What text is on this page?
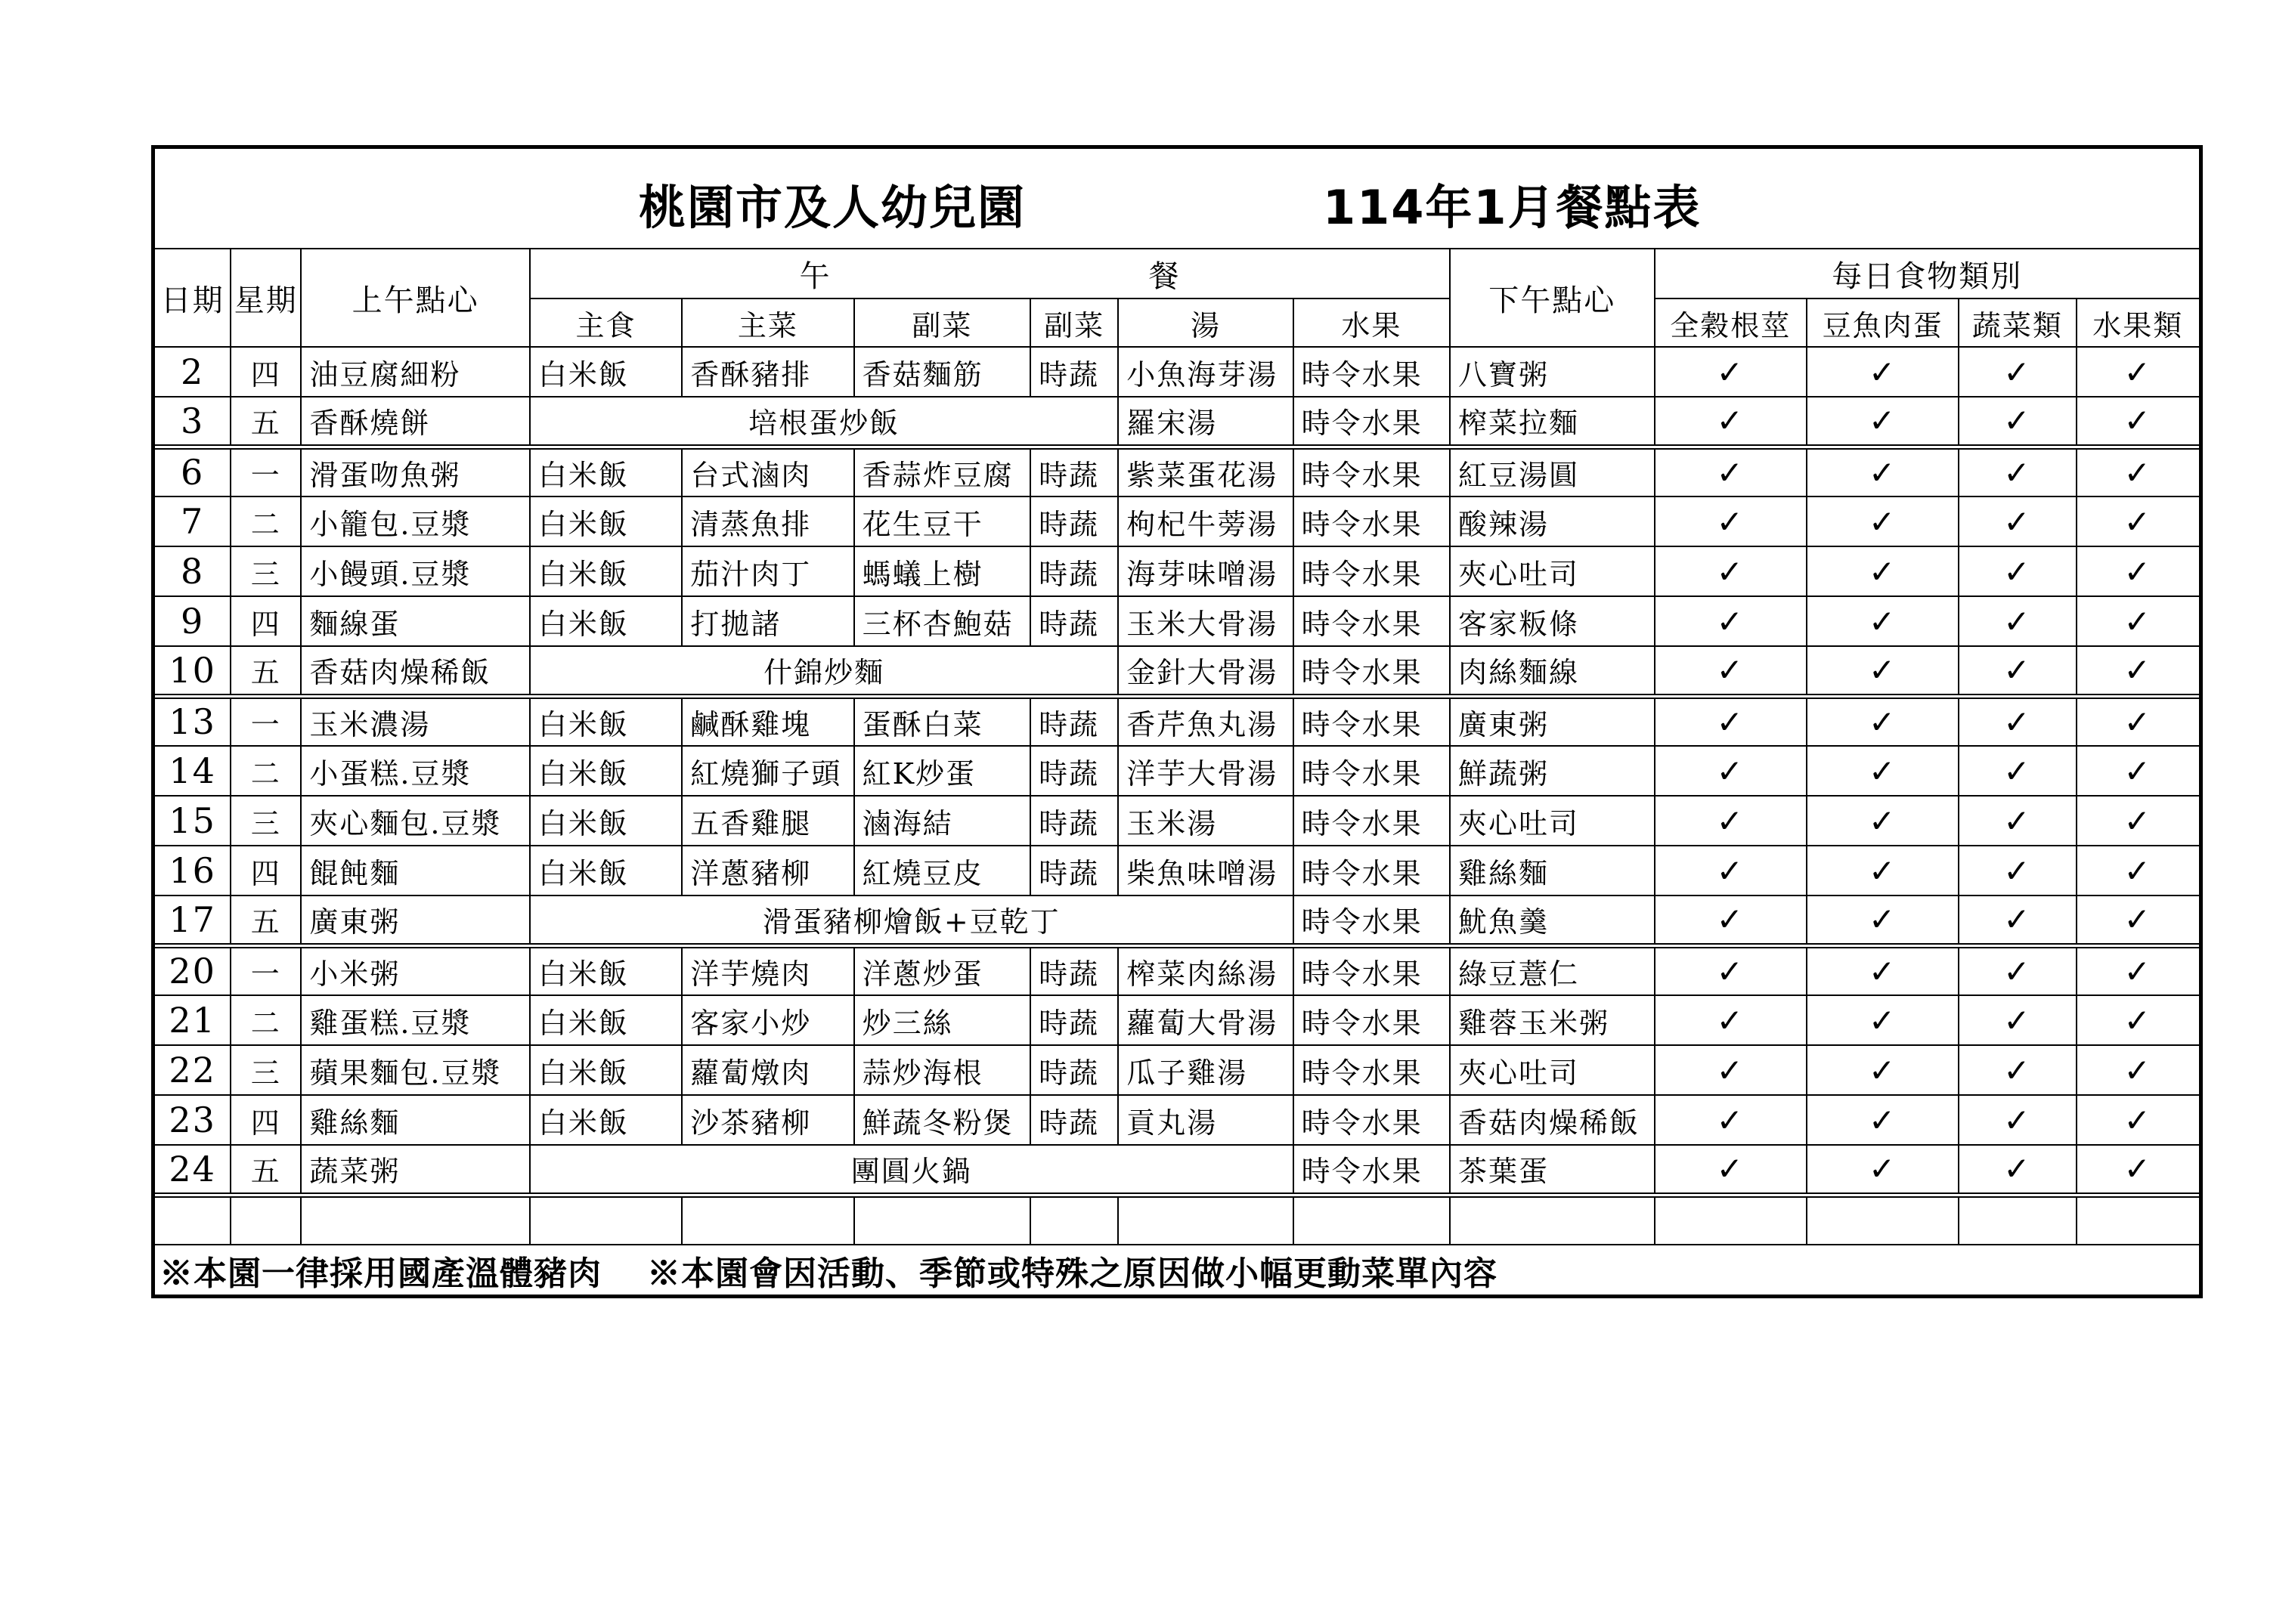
桃園市及人幼兒園 114年1月餐點表													

日期	星期	上午點心	午　　　　　　　　　　餐						下午點心	每日食物類別			
			主食	主菜	副菜	副菜	湯	水果		全穀根莖	豆魚肉蛋	蔬菜類	水果類
2	四	油豆腐細粉	白米飯	香酥豬排	香菇麵筋	時蔬	小魚海芽湯	時令水果	八寶粥	✓	✓	✓	✓
3	五	香酥燒餅	培根蛋炒飯				羅宋湯	時令水果	榨菜拉麵	✓	✓	✓	✓
6	一	滑蛋吻魚粥	白米飯	台式滷肉	香蒜炸豆腐	時蔬	紫菜蛋花湯	時令水果	紅豆湯圓	✓	✓	✓	✓
7	二	小籠包.豆漿	白米飯	清蒸魚排	花生豆干	時蔬	枸杞牛蒡湯	時令水果	酸辣湯	✓	✓	✓	✓
8	三	小饅頭.豆漿	白米飯	茄汁肉丁	螞蟻上樹	時蔬	海芽味噌湯	時令水果	夾心吐司	✓	✓	✓	✓
9	四	麵線蛋	白米飯	打拋諸	三杯杏鮑菇	時蔬	玉米大骨湯	時令水果	客家粄條	✓	✓	✓	✓
10	五	香菇肉燥稀飯	什錦炒麵				金針大骨湯	時令水果	肉絲麵線	✓	✓	✓	✓
13	一	玉米濃湯	白米飯	鹹酥雞塊	蛋酥白菜	時蔬	香芹魚丸湯	時令水果	廣東粥	✓	✓	✓	✓
14	二	小蛋糕.豆漿	白米飯	紅燒獅子頭	紅K炒蛋	時蔬	洋芋大骨湯	時令水果	鮮蔬粥	✓	✓	✓	✓
15	三	夾心麵包.豆漿	白米飯	五香雞腿	滷海結	時蔬	玉米湯	時令水果	夾心吐司	✓	✓	✓	✓
16	四	餛飩麵	白米飯	洋蔥豬柳	紅燒豆皮	時蔬	柴魚味噌湯	時令水果	雞絲麵	✓	✓	✓	✓
17	五	廣東粥	滑蛋豬柳燴飯+豆乾丁					時令水果	魷魚羹	✓	✓	✓	✓
20	一	小米粥	白米飯	洋芋燒肉	洋蔥炒蛋	時蔬	榨菜肉絲湯	時令水果	綠豆薏仁	✓	✓	✓	✓
21	二	雞蛋糕.豆漿	白米飯	客家小炒	炒三絲	時蔬	蘿蔔大骨湯	時令水果	雞蓉玉米粥	✓	✓	✓	✓
22	三	蘋果麵包.豆漿	白米飯	蘿蔔燉肉	蒜炒海根	時蔬	瓜子雞湯	時令水果	夾心吐司	✓	✓	✓	✓
23	四	雞絲麵	白米飯	沙茶豬柳	鮮蔬冬粉煲	時蔬	貢丸湯	時令水果	香菇肉燥稀飯	✓	✓	✓	✓
24	五	蔬菜粥	團圓火鍋					時令水果	茶葉蛋	✓	✓	✓	✓

※本園一律採用國產溫體豬肉 ※本園會因活動、季節或特殊之原因做小幅更動菜單內容													
